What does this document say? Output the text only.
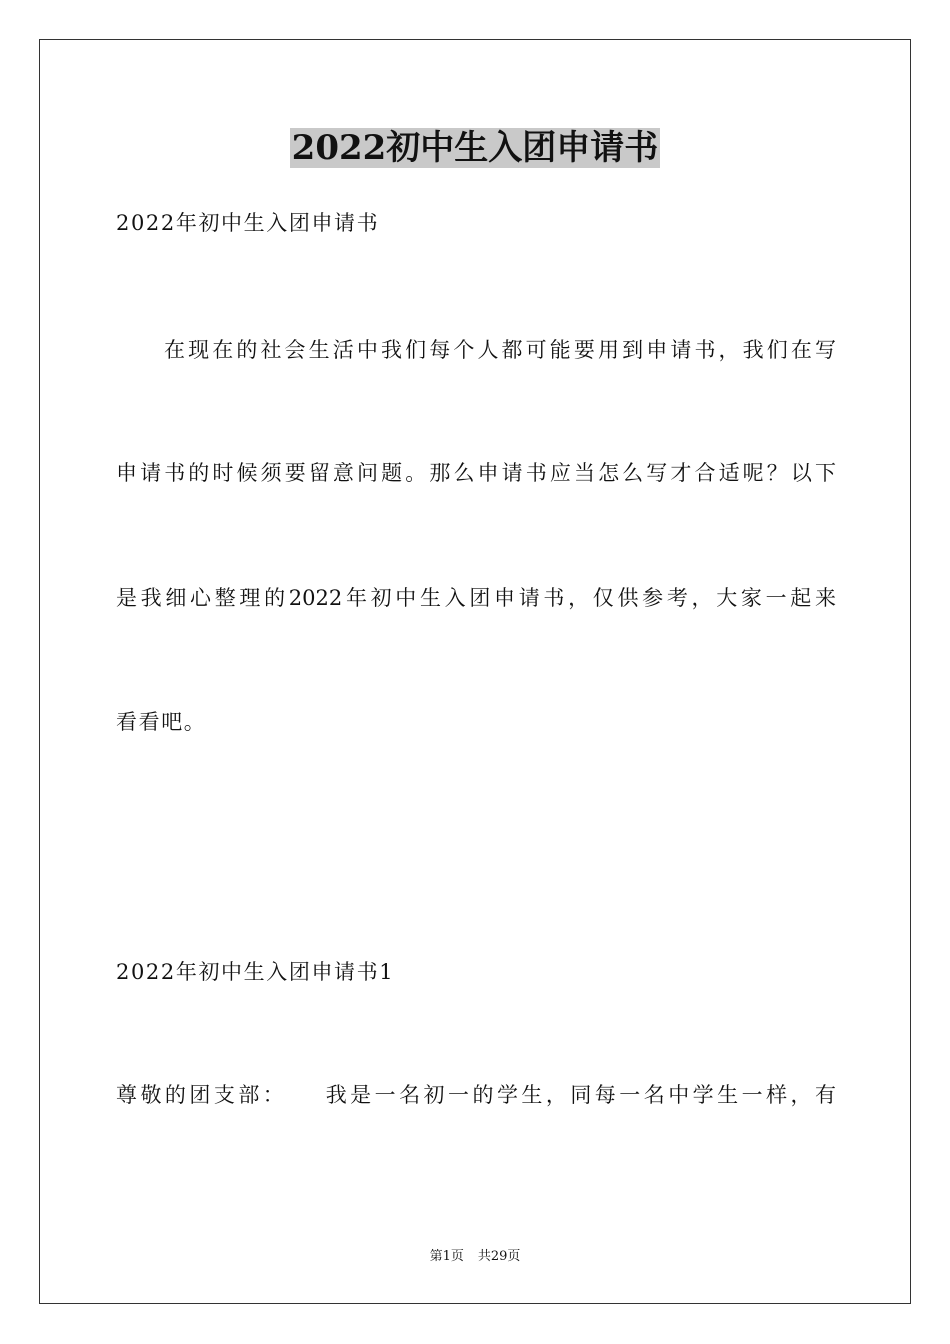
2022初中生入团申请书
2022年初中生入团申请书
在现在的社会生活中我们每个人都可能要用到申请书，我们在写
申请书的时候须要留意问题。那么申请书应当怎么写才合适呢？以下
是我细心整理的2022年初中生入团申请书，仅供参考，大家一起来
看看吧。
2022年初中生入团申请书1
尊敬的团支部：　　我是一名初一的学生，同每一名中学生一样，有
第1页 共29页
